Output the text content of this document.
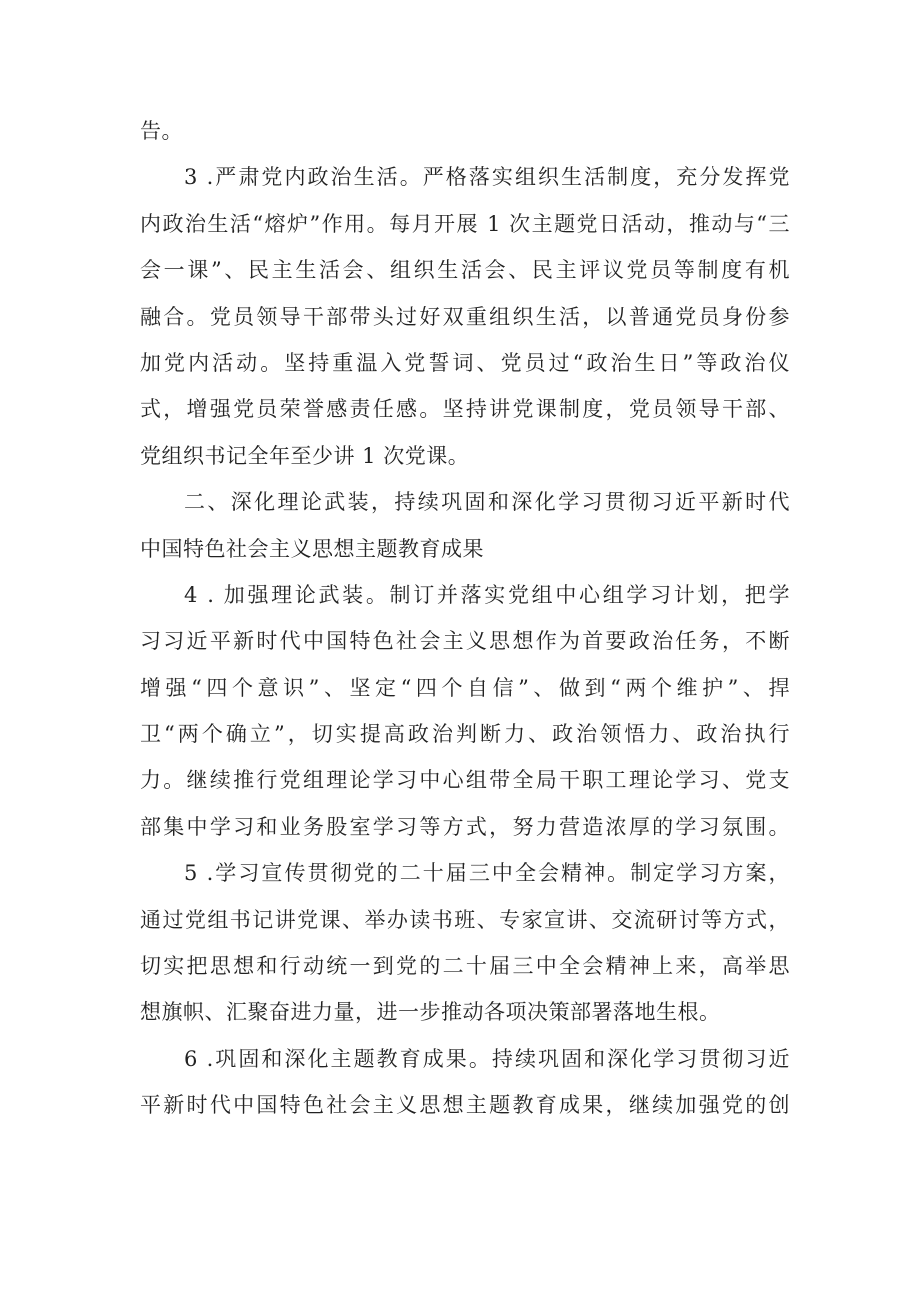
告。
3 .严肃党内政治生活。严格落实组织生活制度，充分发挥党
内政治生活“熔炉”作用。每月开展 1 次主题党日活动，推动与“三
会一课”、民主生活会、组织生活会、民主评议党员等制度有机
融合。党员领导干部带头过好双重组织生活，以普通党员身份参
加党内活动。坚持重温入党誓词、党员过“政治生日”等政治仪
式，增强党员荣誉感责任感。坚持讲党课制度，党员领导干部、
党组织书记全年至少讲 1 次党课。
二、深化理论武装，持续巩固和深化学习贯彻习近平新时代
中国特色社会主义思想主题教育成果
4 . 加强理论武装。制订并落实党组中心组学习计划，把学
习习近平新时代中国特色社会主义思想作为首要政治任务，不断
增强“四个意识”、坚定“四个自信”、做到“两个维护”、捍
卫“两个确立”，切实提高政治判断力、政治领悟力、政治执行
力。继续推行党组理论学习中心组带全局干职工理论学习、党支
部集中学习和业务股室学习等方式，努力营造浓厚的学习氛围。
5 .学习宣传贯彻党的二十届三中全会精神。制定学习方案，
通过党组书记讲党课、举办读书班、专家宣讲、交流研讨等方式，
切实把思想和行动统一到党的二十届三中全会精神上来，高举思
想旗帜、汇聚奋进力量，进一步推动各项决策部署落地生根。
6 .巩固和深化主题教育成果。持续巩固和深化学习贯彻习近
平新时代中国特色社会主义思想主题教育成果，继续加强党的创
